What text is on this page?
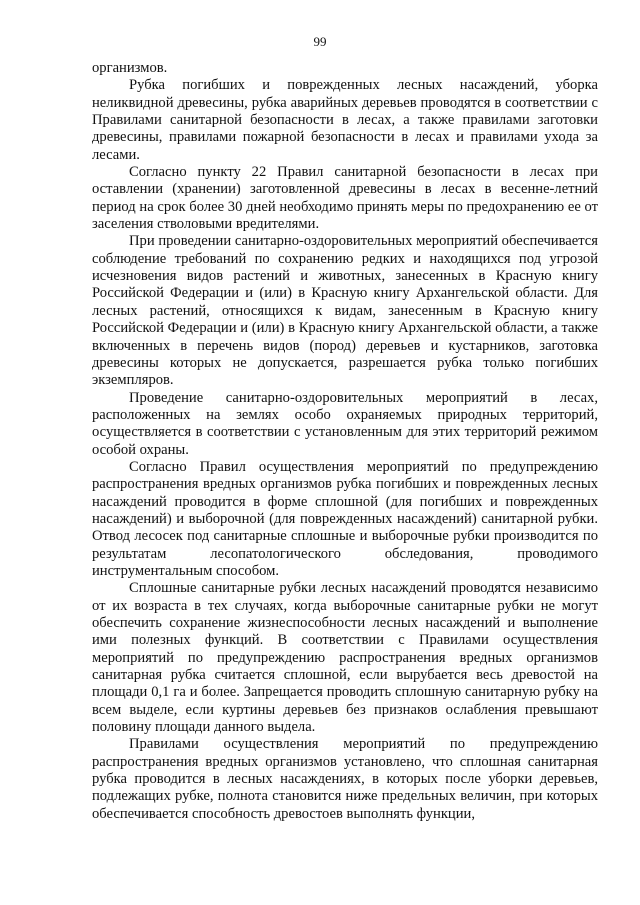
99

организмов.

Рубка погибших и поврежденных лесных насаждений, уборка неликвидной древесины, рубка аварийных деревьев проводятся в соответствии с Правилами санитарной безопасности в лесах, а также правилами заготовки древесины, правилами пожарной безопасности в лесах и правилами ухода за лесами.

Согласно пункту 22 Правил санитарной безопасности в лесах при оставлении (хранении) заготовленной древесины в лесах в весенне-летний период на срок более 30 дней необходимо принять меры по предохранению ее от заселения стволовыми вредителями.

При проведении санитарно-оздоровительных мероприятий обеспечивается соблюдение требований по сохранению редких и находящихся под угрозой исчезновения видов растений и животных, занесенных в Красную книгу Российской Федерации и (или) в Красную книгу Архангельской области. Для лесных растений, относящихся к видам, занесенным в Красную книгу Российской Федерации и (или) в Красную книгу Архангельской области, а также включенных в перечень видов (пород) деревьев и кустарников, заготовка древесины которых не допускается, разрешается рубка только погибших экземпляров.

Проведение санитарно-оздоровительных мероприятий в лесах, расположенных на землях особо охраняемых природных территорий, осуществляется в соответствии с установленным для этих территорий режимом особой охраны.

Согласно Правил осуществления мероприятий по предупреждению распространения вредных организмов рубка погибших и поврежденных лесных насаждений проводится в форме сплошной (для погибших и поврежденных насаждений) и выборочной (для поврежденных насаждений) санитарной рубки. Отвод лесосек под санитарные сплошные и выборочные рубки производится по результатам лесопатологического обследования, проводимого инструментальным способом.

Сплошные санитарные рубки лесных насаждений проводятся независимо от их возраста в тех случаях, когда выборочные санитарные рубки не могут обеспечить сохранение жизнеспособности лесных насаждений и выполнение ими полезных функций. В соответствии с Правилами осуществления мероприятий по предупреждению распространения вредных организмов санитарная рубка считается сплошной, если вырубается весь древостой на площади 0,1 га и более. Запрещается проводить сплошную санитарную рубку на всем выделе, если куртины деревьев без признаков ослабления превышают половину площади данного выдела.

Правилами осуществления мероприятий по предупреждению распространения вредных организмов установлено, что сплошная санитарная рубка проводится в лесных насаждениях, в которых после уборки деревьев, подлежащих рубке, полнота становится ниже предельных величин, при которых обеспечивается способность древостоев выполнять функции,
